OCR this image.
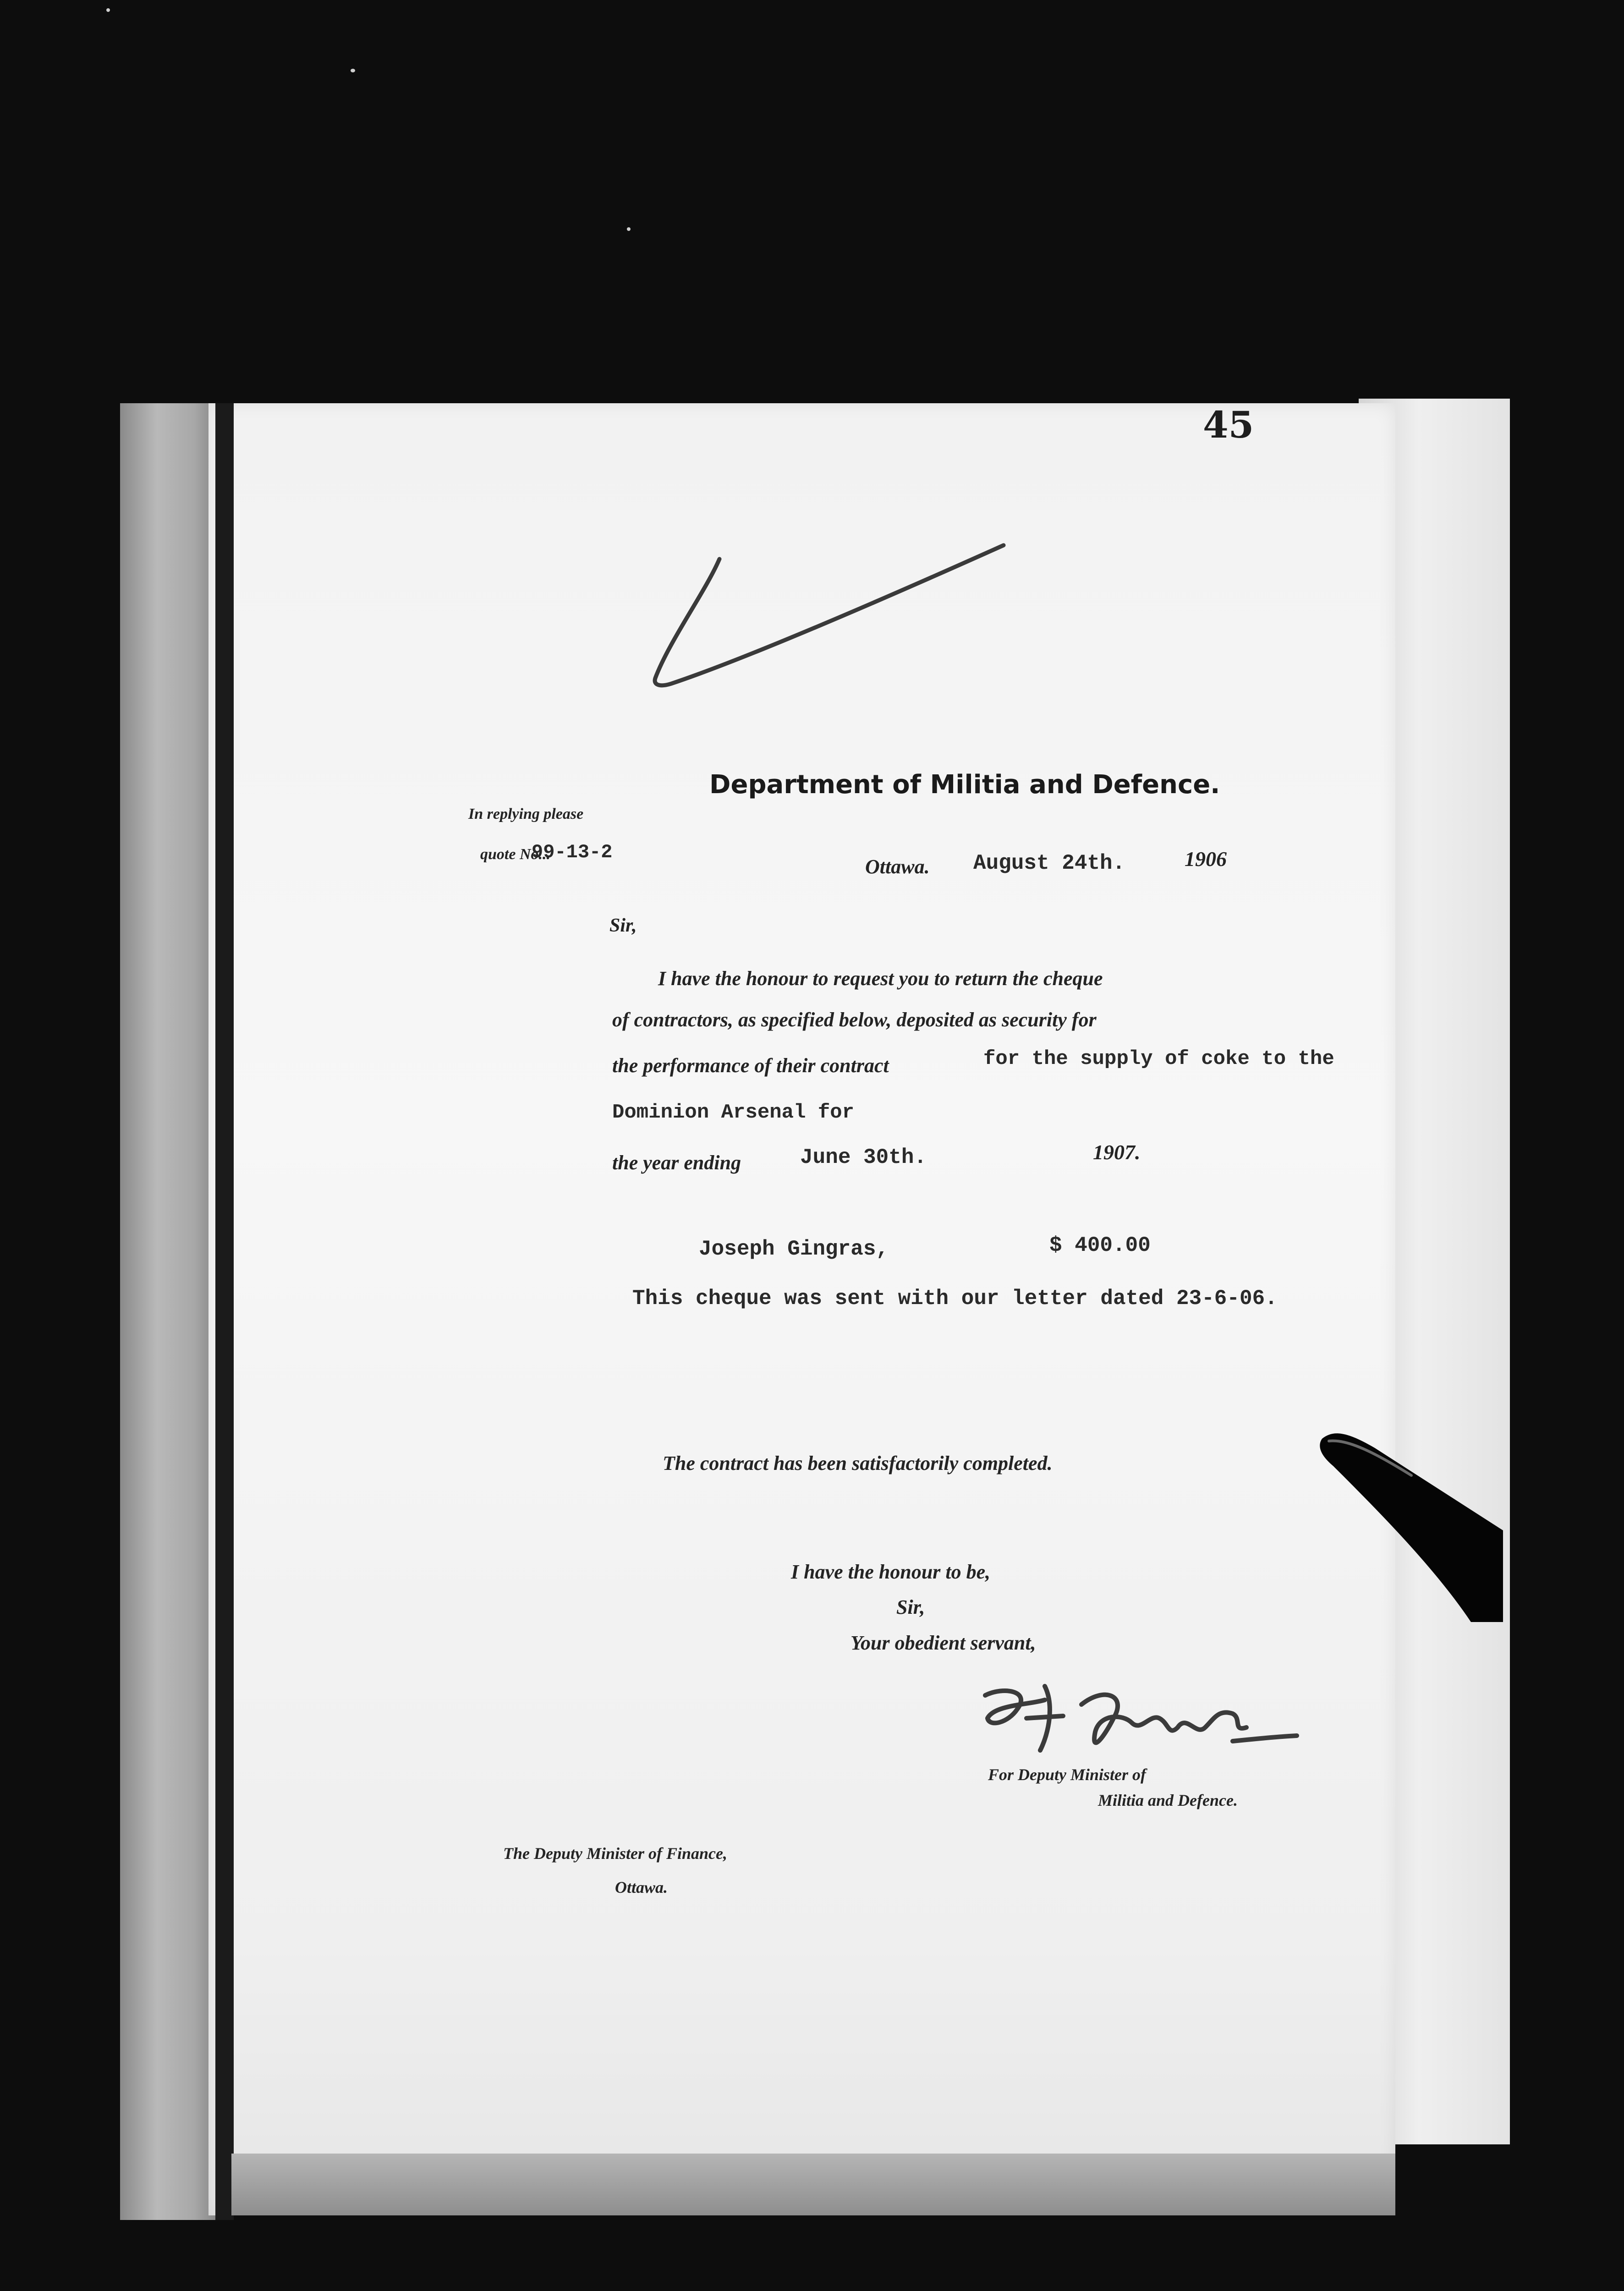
45
Department of Militia and Defence.
In replying please
quote No...
99-13-2
Ottawa. August 24th.	1906
Sir,
I have the honour to request you to return the cheque
of contractors, as specified below, deposited as security for
the performance of their contract	for the supply of coke to the
Dominion Arsenal for
the year ending	June 30th.	1907.
Joseph Gingras,	$ 400.00
This cheque was sent with our letter dated 23-6-06.
The contract has been satisfactorily completed.
I have the honour to be,
Sir,
Your obedient servant,
For Deputy Minister of
Militia and Defence.
The Deputy Minister of Finance,
Ottawa.
